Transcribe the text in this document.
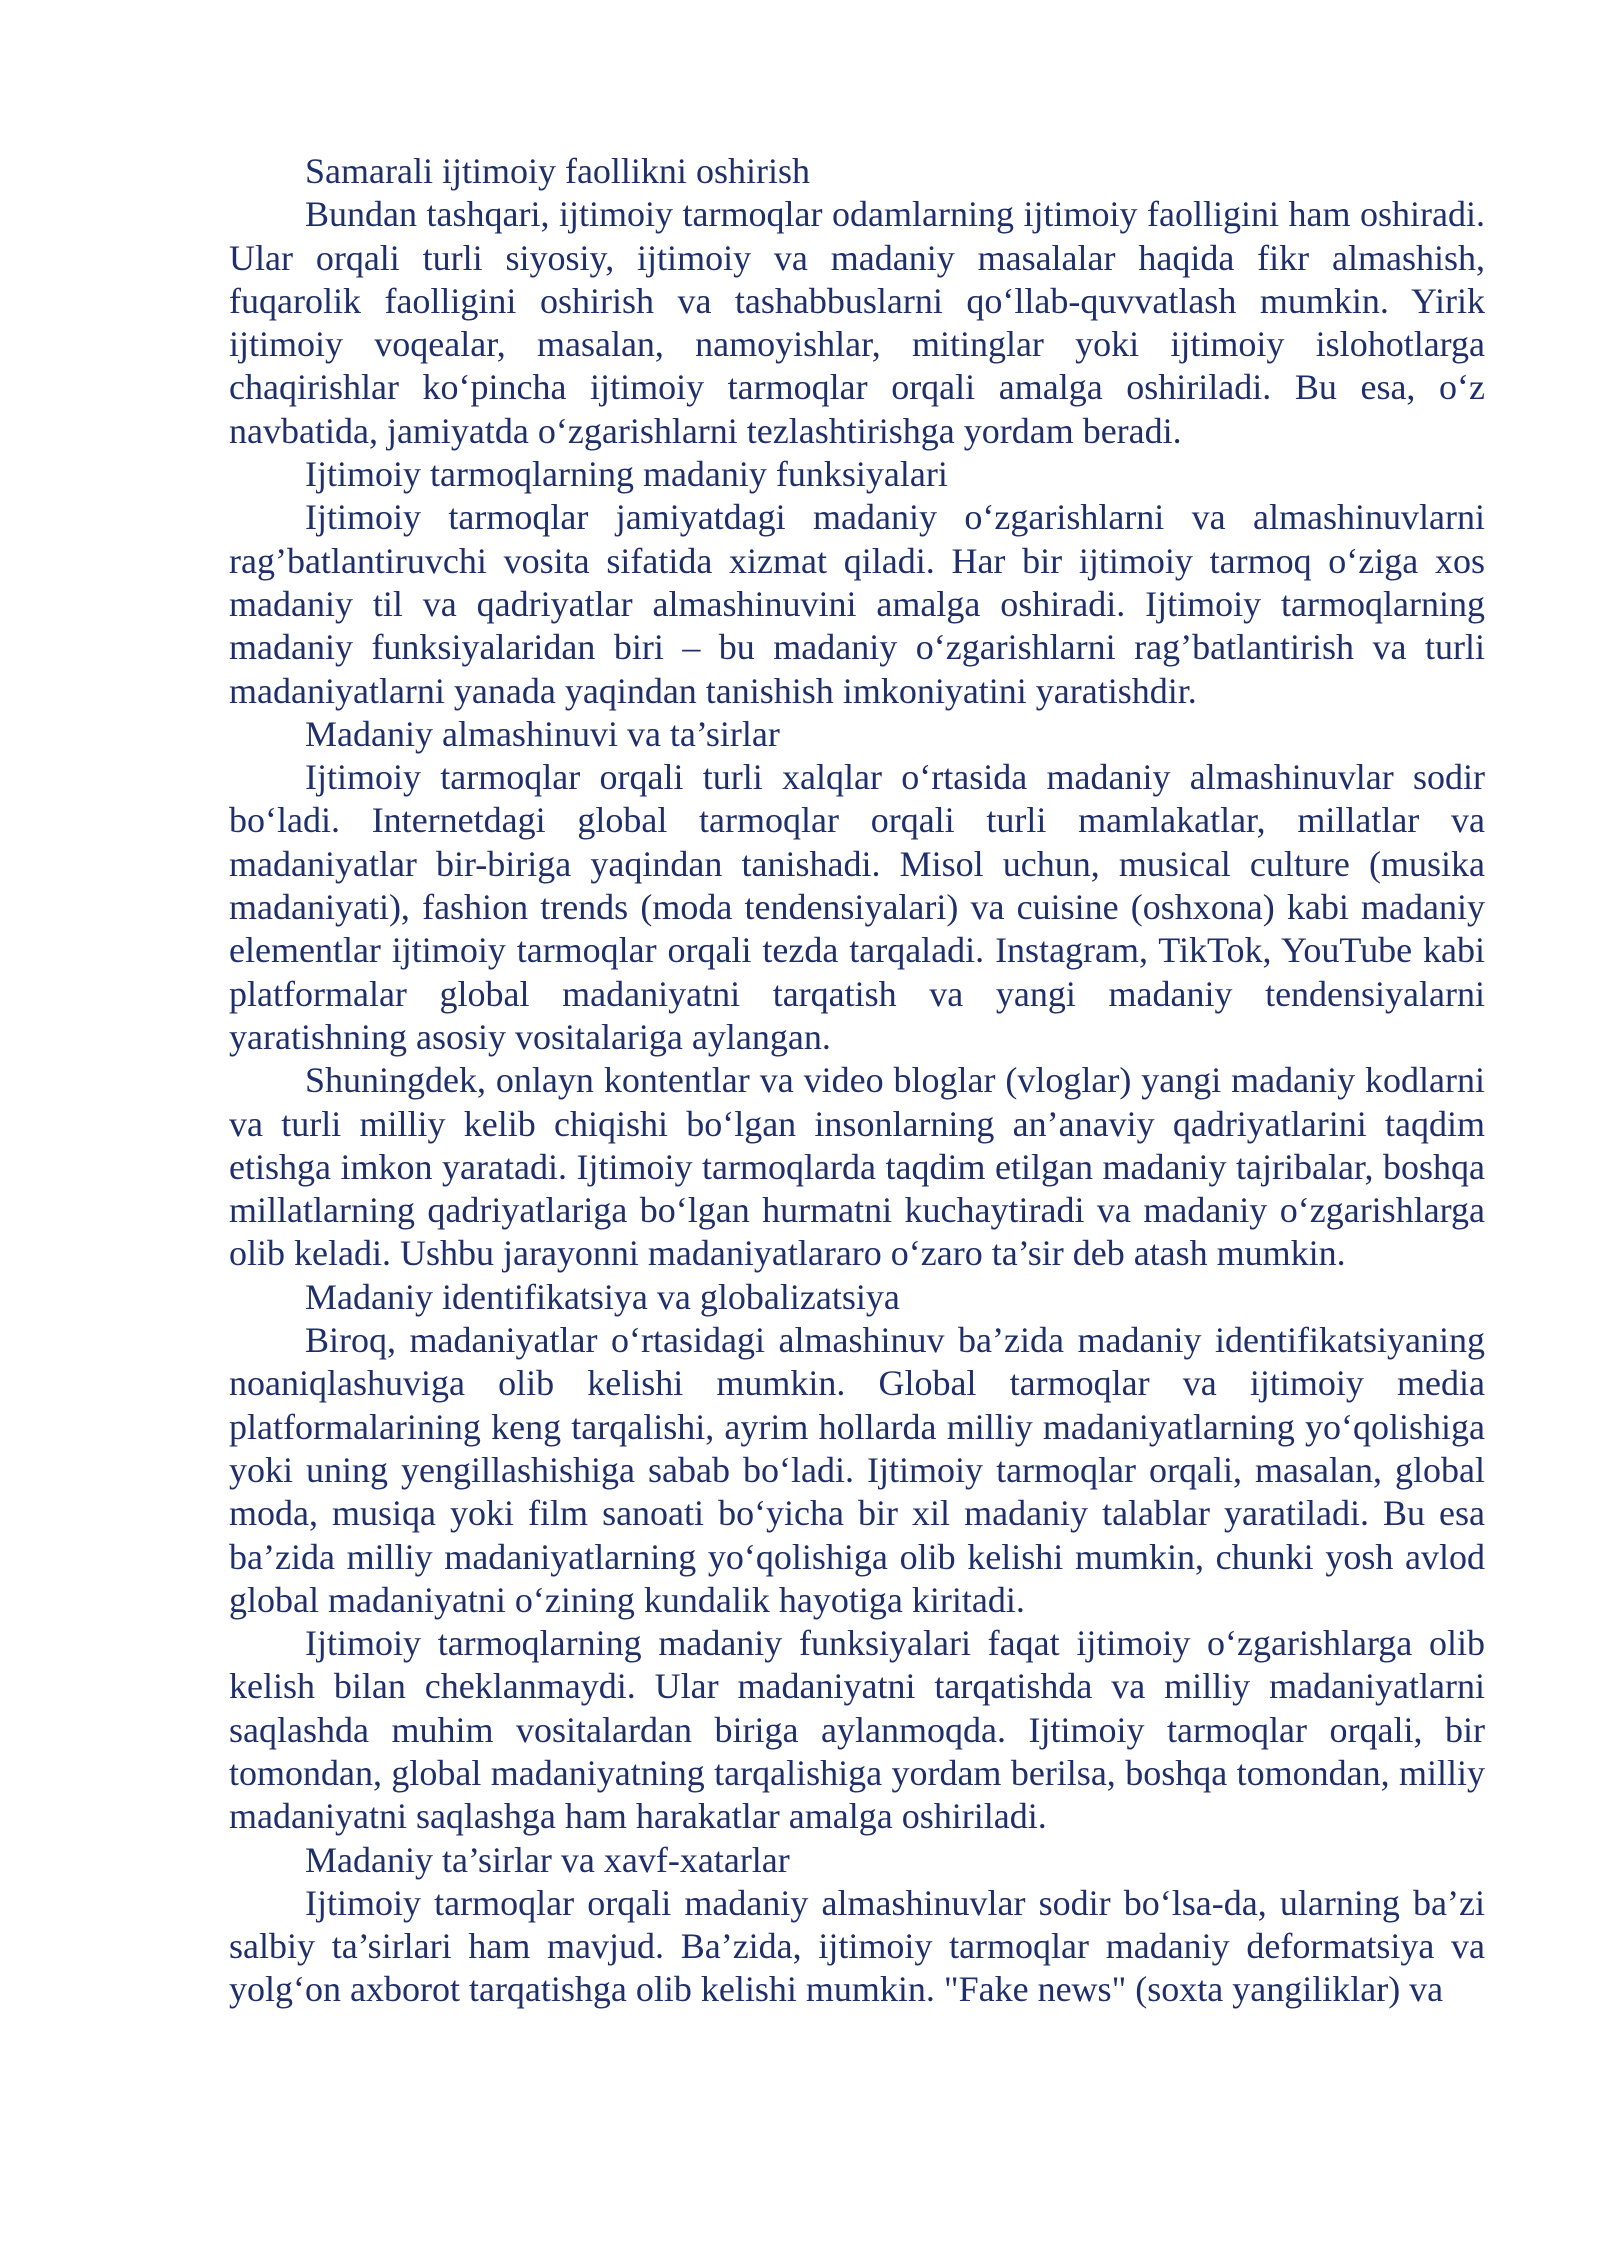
Samarali ijtimoiy faollikni oshirish

Bundan tashqari, ijtimoiy tarmoqlar odamlarning ijtimoiy faolligini ham oshiradi. Ular orqali turli siyosiy, ijtimoiy va madaniy masalalar haqida fikr almashish, fuqarolik faolligini oshirish va tashabbuslarni qo‘llab-quvvatlash mumkin. Yirik ijtimoiy voqealar, masalan, namoyishlar, mitinglar yoki ijtimoiy islohotlarga chaqirishlar ko‘pincha ijtimoiy tarmoqlar orqali amalga oshiriladi. Bu esa, o‘z navbatida, jamiyatda o‘zgarishlarni tezlashtirishga yordam beradi.

Ijtimoiy tarmoqlarning madaniy funksiyalari

Ijtimoiy tarmoqlar jamiyatdagi madaniy o‘zgarishlarni va almashinuvlarni rag’batlantiruvchi vosita sifatida xizmat qiladi. Har bir ijtimoiy tarmoq o‘ziga xos madaniy til va qadriyatlar almashinuvini amalga oshiradi. Ijtimoiy tarmoqlarning madaniy funksiyalaridan biri – bu madaniy o‘zgarishlarni rag’batlantirish va turli madaniyatlarni yanada yaqindan tanishish imkoniyatini yaratishdir.

Madaniy almashinuvi va ta’sirlar

Ijtimoiy tarmoqlar orqali turli xalqlar o‘rtasida madaniy almashinuvlar sodir bo‘ladi. Internetdagi global tarmoqlar orqali turli mamlakatlar, millatlar va madaniyatlar bir-biriga yaqindan tanishadi. Misol uchun, musical culture (musika madaniyati), fashion trends (moda tendensiyalari) va cuisine (oshxona) kabi madaniy elementlar ijtimoiy tarmoqlar orqali tezda tarqaladi. Instagram, TikTok, YouTube kabi platformalar global madaniyatni tarqatish va yangi madaniy tendensiyalarni yaratishning asosiy vositalariga aylangan.

Shuningdek, onlayn kontentlar va video bloglar (vloglar) yangi madaniy kodlarni va turli milliy kelib chiqishi bo‘lgan insonlarning an’anaviy qadriyatlarini taqdim etishga imkon yaratadi. Ijtimoiy tarmoqlarda taqdim etilgan madaniy tajribalar, boshqa millatlarning qadriyatlariga bo‘lgan hurmatni kuchaytiradi va madaniy o‘zgarishlarga olib keladi. Ushbu jarayonni madaniyatlararo o‘zaro ta’sir deb atash mumkin.

Madaniy identifikatsiya va globalizatsiya

Biroq, madaniyatlar o‘rtasidagi almashinuv ba’zida madaniy identifikatsiyaning noaniqlashuviga olib kelishi mumkin. Global tarmoqlar va ijtimoiy media platformalarining keng tarqalishi, ayrim hollarda milliy madaniyatlarning yo‘qolishiga yoki uning yengillashishiga sabab bo‘ladi. Ijtimoiy tarmoqlar orqali, masalan, global moda, musiqa yoki film sanoati bo‘yicha bir xil madaniy talablar yaratiladi. Bu esa ba’zida milliy madaniyatlarning yo‘qolishiga olib kelishi mumkin, chunki yosh avlod global madaniyatni o‘zining kundalik hayotiga kiritadi.

Ijtimoiy tarmoqlarning madaniy funksiyalari faqat ijtimoiy o‘zgarishlarga olib kelish bilan cheklanmaydi. Ular madaniyatni tarqatishda va milliy madaniyatlarni saqlashda muhim vositalardan biriga aylanmoqda. Ijtimoiy tarmoqlar orqali, bir tomondan, global madaniyatning tarqalishiga yordam berilsa, boshqa tomondan, milliy madaniyatni saqlashga ham harakatlar amalga oshiriladi.

Madaniy ta’sirlar va xavf-xatarlar

Ijtimoiy tarmoqlar orqali madaniy almashinuvlar sodir bo‘lsa-da, ularning ba’zi salbiy ta’sirlari ham mavjud. Ba’zida, ijtimoiy tarmoqlar madaniy deformatsiya va yolg‘on axborot tarqatishga olib kelishi mumkin. "Fake news" (soxta yangiliklar) va
